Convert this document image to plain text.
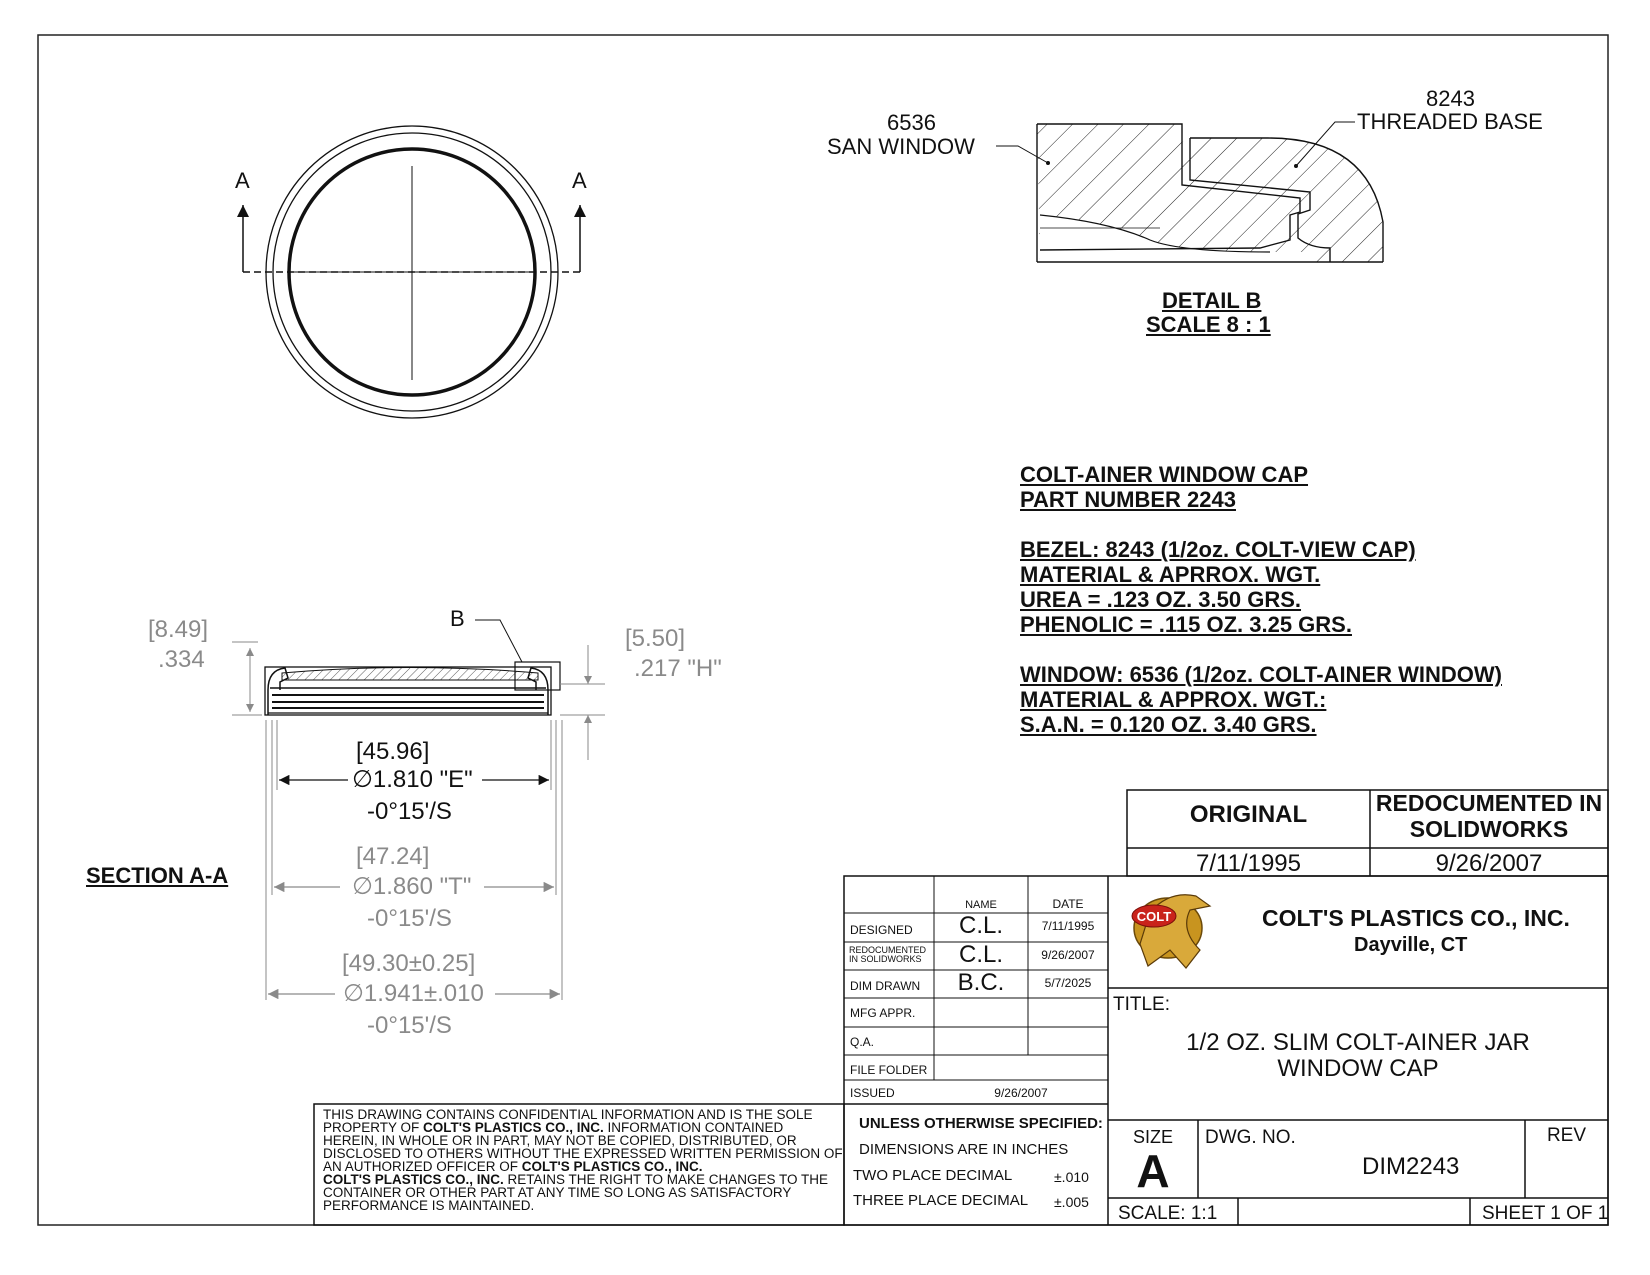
COLT
A	A
6536
SAN WINDOW
8243
THREADED BASE
DETAIL B
SCALE 8 : 1
COLT-AINER WINDOW CAP
PART NUMBER 2243
BEZEL: 8243 (1/2oz. COLT-VIEW CAP)
MATERIAL & APRROX. WGT.
UREA = .123 OZ. 3.50 GRS.
PHENOLIC = .115 OZ. 3.25 GRS.
WINDOW: 6536 (1/2oz. COLT-AINER WINDOW)
MATERIAL & APPROX. WGT.:
S.A.N. = 0.120 OZ. 3.40 GRS.
SECTION A-A
B
[8.49]
.334
[5.50]
.217 "H"
[45.96]
∅1.810 "E"
-0°15'/S
[47.24]
∅1.860 "T"
-0°15'/S
[49.30±0.25]
∅1.941±.010
-0°15'/S
ORIGINAL	REDOCUMENTED IN
SOLIDWORKS
7/11/1995	9/26/2007
NAME	DATE
DESIGNED	C.L.	7/11/1995
REDOCUMENTED IN SOLIDWORKS	C.L.	9/26/2007
DIM DRAWN	B.C.	5/7/2025
MFG APPR.
Q.A.
FILE FOLDER
ISSUED	9/26/2007
UNLESS OTHERWISE SPECIFIED:
DIMENSIONS ARE IN INCHES
TWO PLACE DECIMAL	±.010
THREE PLACE DECIMAL ±.005
THIS DRAWING CONTAINS CONFIDENTIAL INFORMATION AND IS THE SOLE
PROPERTY OF COLT'S PLASTICS CO., INC. INFORMATION CONTAINED
HEREIN, IN WHOLE OR IN PART, MAY NOT BE COPIED, DISTRIBUTED, OR
DISCLOSED TO OTHERS WITHOUT THE EXPRESSED WRITTEN PERMISSION OF
AN AUTHORIZED OFFICER OF COLT'S PLASTICS CO., INC.
COLT'S PLASTICS CO., INC. RETAINS THE RIGHT TO MAKE CHANGES TO THE
CONTAINER OR OTHER PART AT ANY TIME SO LONG AS SATISFACTORY
PERFORMANCE IS MAINTAINED.
COLT'S PLASTICS CO., INC.
Dayville, CT
TITLE:
1/2 OZ. SLIM COLT-AINER JAR
WINDOW CAP
SIZE
A
DWG. NO.
DIM2243
REV
SCALE: 1:1	SHEET 1 OF 1
